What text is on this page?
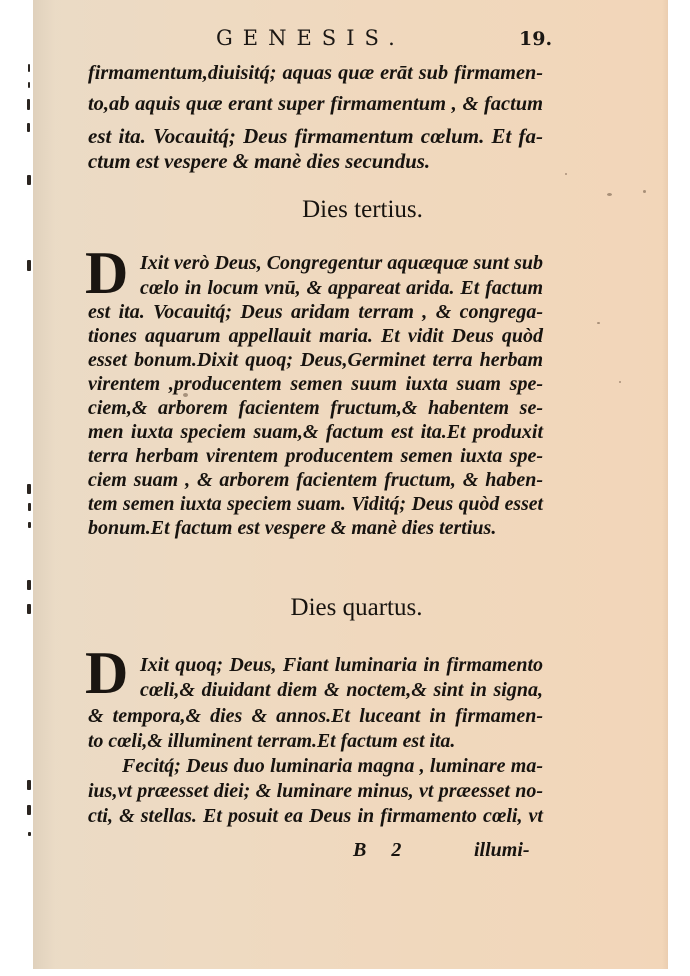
GENESIS.	19.
firmamentum,diuisitq́; aquas quæ erāt sub firmamen-
to,ab aquis quæ erant super firmamentum , & factum
est ita. Vocauitq́; Deus firmamentum cœlum. Et fa-
ctum est vespere & manè dies secundus.
Dies tertius.
D Ixit verò Deus, Congregentur aquæquæ sunt sub
cœlo in locum vnū, & appareat arida. Et factum
est ita. Vocauitq́; Deus aridam terram , & congrega-
tiones aquarum appellauit maria. Et vidit Deus quòd
esset bonum.Dixit quoq; Deus,Germinet terra herbam
virentem ,producentem semen suum iuxta suam spe-
ciem,& arborem facientem fructum,& habentem se-
men iuxta speciem suam,& factum est ita.Et produxit
terra herbam virentem producentem semen iuxta spe-
ciem suam , & arborem facientem fructum, & haben-
tem semen iuxta speciem suam. Viditq́; Deus quòd esset
bonum.Et factum est vespere & manè dies tertius.
Dies quartus.
D Ixit quoq; Deus, Fiant luminaria in firmamento
cœli,& diuidant diem & noctem,& sint in signa,
& tempora,& dies & annos.Et luceant in firmamen-
to cœli,& illuminent terram.Et factum est ita.
Fecitq́; Deus duo luminaria magna , luminare ma-
ius,vt præesset diei; & luminare minus, vt præesset no-
cti, & stellas. Et posuit ea Deus in firmamento cœli, vt
B 2	illumi-
